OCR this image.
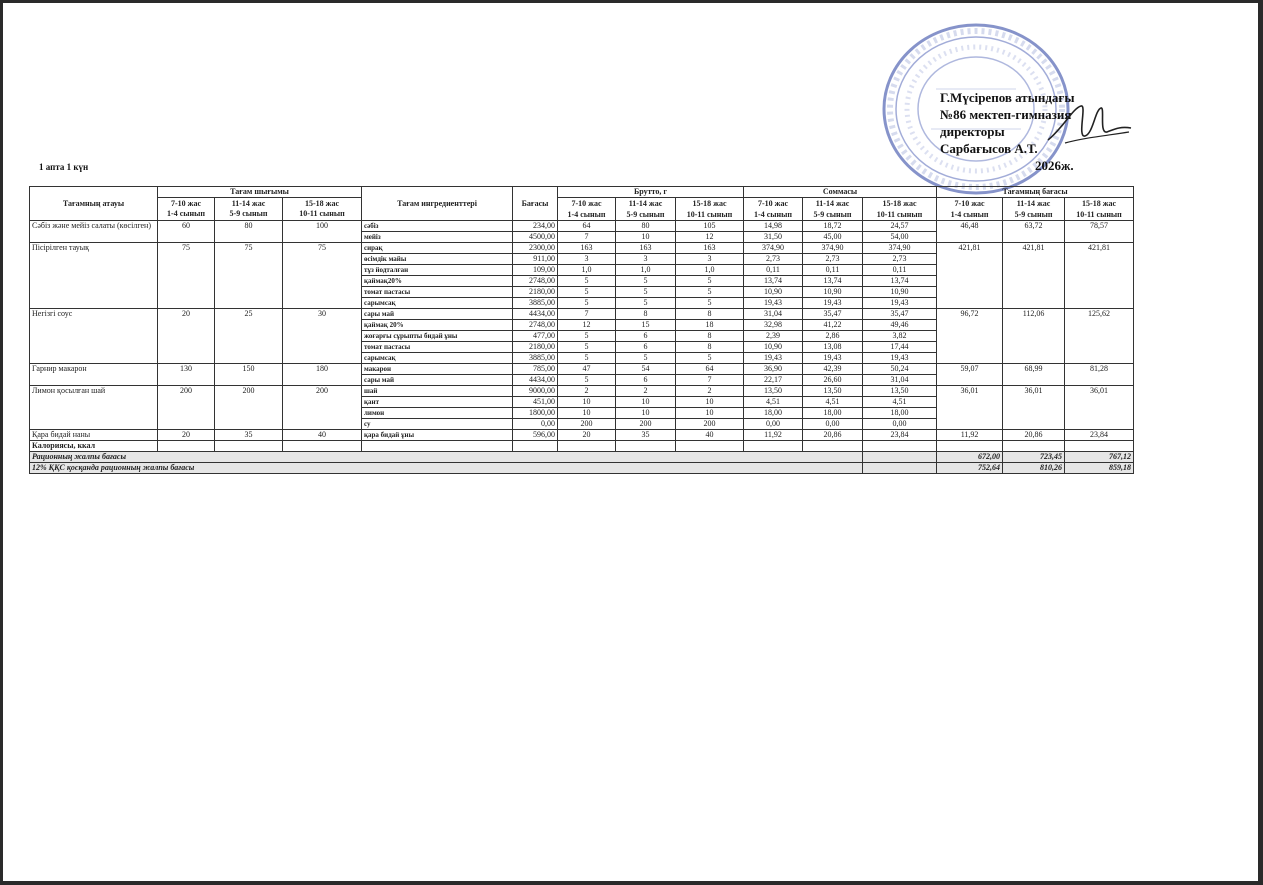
Г.Мүсірепов атындағы
№86 мектеп-гимназия
директоры
Сарбағысов А.Т.
2026ж.
1 апта 1 күн
Тағамның атауы	Тағам шығымы			Тағам ингредиенттері	Бағасы	Брутто, г			Соммасы			Тағамның бағасы		
	7-10 жас
1-4 сынып	11-14 жас
5-9 сынып	15-18 жас
10-11 сынып			7-10 жас
1-4 сынып	11-14 жас
5-9 сынып	15-18 жас
10-11 сынып	7-10 жас
1-4 сынып	11-14 жас
5-9 сынып	15-18 жас
10-11 сынып	7-10 жас
1-4 сынып	11-14 жас
5-9 сынып	15-18 жас
10-11 сынып
Сәбіз және мейіз салаты (көсілген)	60	80	100	сәбіз	234,00	64	80	105	14,98	18,72	24,57	46,48	63,72	78,57
				мейіз	4500,00	7	10	12	31,50	45,00	54,00			
Пісірілген тауық	75	75	75	сирақ	2300,00	163	163	163	374,90	374,90	374,90	421,81	421,81	421,81
				өсімдік майы	911,00	3	3	3	2,73	2,73	2,73			
				тұз йодталған	109,00	1,0	1,0	1,0	0,11	0,11	0,11			
				қаймақ20%	2748,00	5	5	5	13,74	13,74	13,74			
				томат пастасы	2180,00	5	5	5	10,90	10,90	10,90			
				сарымсақ	3885,00	5	5	5	19,43	19,43	19,43			
Негізгі соус	20	25	30	сары май	4434,00	7	8	8	31,04	35,47	35,47	96,72	112,06	125,62
				қаймақ 20%	2748,00	12	15	18	32,98	41,22	49,46			
				жоғарғы сұрыпты бидай ұны	477,00	5	6	8	2,39	2,86	3,82			
				томат пастасы	2180,00	5	6	8	10,90	13,08	17,44			
				сарымсақ	3885,00	5	5	5	19,43	19,43	19,43			
Гарнир макарон	130	150	180	макарон	785,00	47	54	64	36,90	42,39	50,24	59,07	68,99	81,28
				сары май	4434,00	5	6	7	22,17	26,60	31,04			
Лимон қосылған шай	200	200	200	шай	9000,00	2	2	2	13,50	13,50	13,50	36,01	36,01	36,01
				қант	451,00	10	10	10	4,51	4,51	4,51			
				лимон	1800,00	10	10	10	18,00	18,00	18,00			
				су	0,00	200	200	200	0,00	0,00	0,00			
Қара бидай наны	20	35	40	қара бидай ұны	596,00	20	35	40	11,92	20,86	23,84	11,92	20,86	23,84
Калориясы, ккал														
Рационның жалпы бағасы												672,00	723,45	767,12
12% ҚҚС қосқанда рационның жалпы бағасы												752,64	810,26	859,18
